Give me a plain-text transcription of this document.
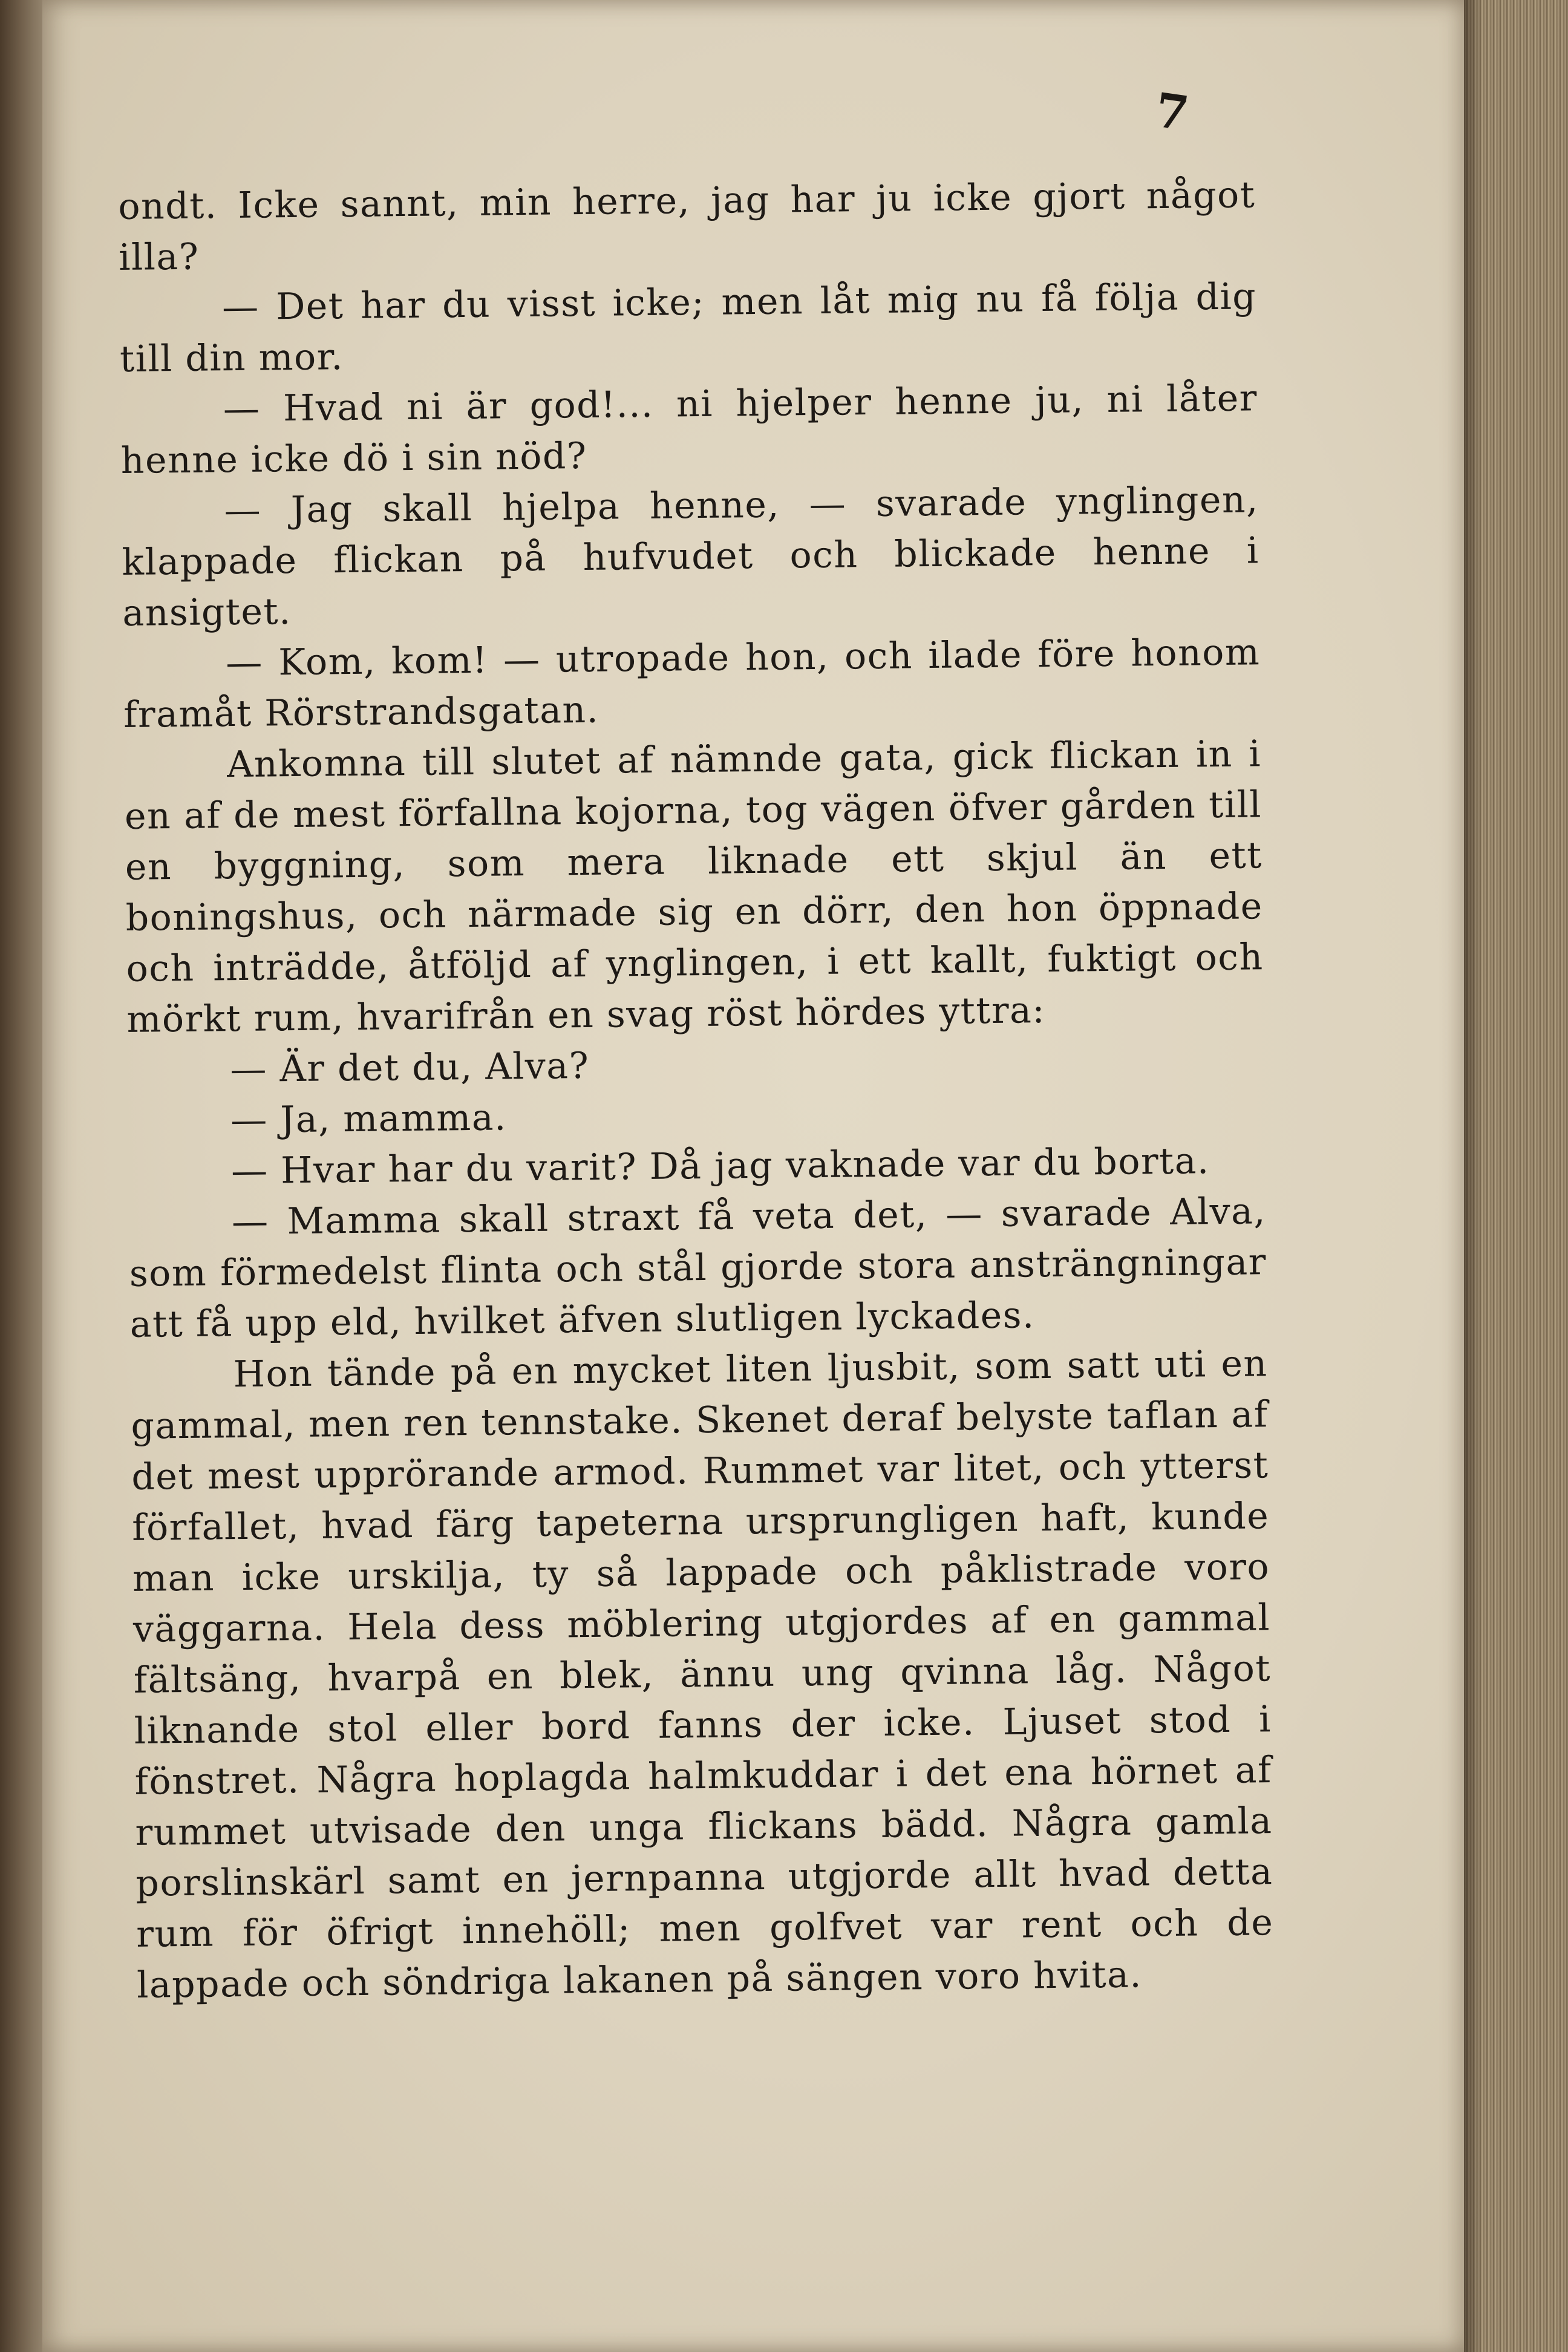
7

ondt. Icke sannt, min herre, jag har ju icke gjort något illa?

— Det har du visst icke; men låt mig nu få följa dig till din mor.

— Hvad ni är god!... ni hjelper henne ju, ni låter henne icke dö i sin nöd?

— Jag skall hjelpa henne, — svarade ynglingen, klappade flickan på hufvudet och blickade henne i ansigtet.

— Kom, kom! — utropade hon, och ilade före honom framåt Rörstrandsgatan.

Ankomna till slutet af nämnde gata, gick flickan in i en af de mest förfallna kojorna, tog vägen öfver gården till en byggning, som mera liknade ett skjul än ett boningshus, och närmade sig en dörr, den hon öppnade och inträdde, åtföljd af ynglingen, i ett kallt, fuktigt och mörkt rum, hvarifrån en svag röst hördes yttra:

— Är det du, Alva?

— Ja, mamma.

— Hvar har du varit? Då jag vaknade var du borta.

— Mamma skall straxt få veta det, — svarade Alva, som förmedelst flinta och stål gjorde stora ansträngningar att få upp eld, hvilket äfven slutligen lyckades.

Hon tände på en mycket liten ljusbit, som satt uti en gammal, men ren tennstake. Skenet deraf belyste taflan af det mest upprörande armod. Rummet var litet, och ytterst förfallet, hvad färg tapeterna ursprungligen haft, kunde man icke urskilja, ty så lappade och påklistrade voro väggarna. Hela dess möblering utgjordes af en gammal fältsäng, hvarpå en blek, ännu ung qvinna låg. Något liknande stol eller bord fanns der icke. Ljuset stod i fönstret. Några hoplagda halmkuddar i det ena hörnet af rummet utvisade den unga flickans bädd. Några gamla porslinskärl samt en jernpanna utgjorde allt hvad detta rum för öfrigt innehöll; men golfvet var rent och de lappade och söndriga lakanen på sängen voro hvita.
